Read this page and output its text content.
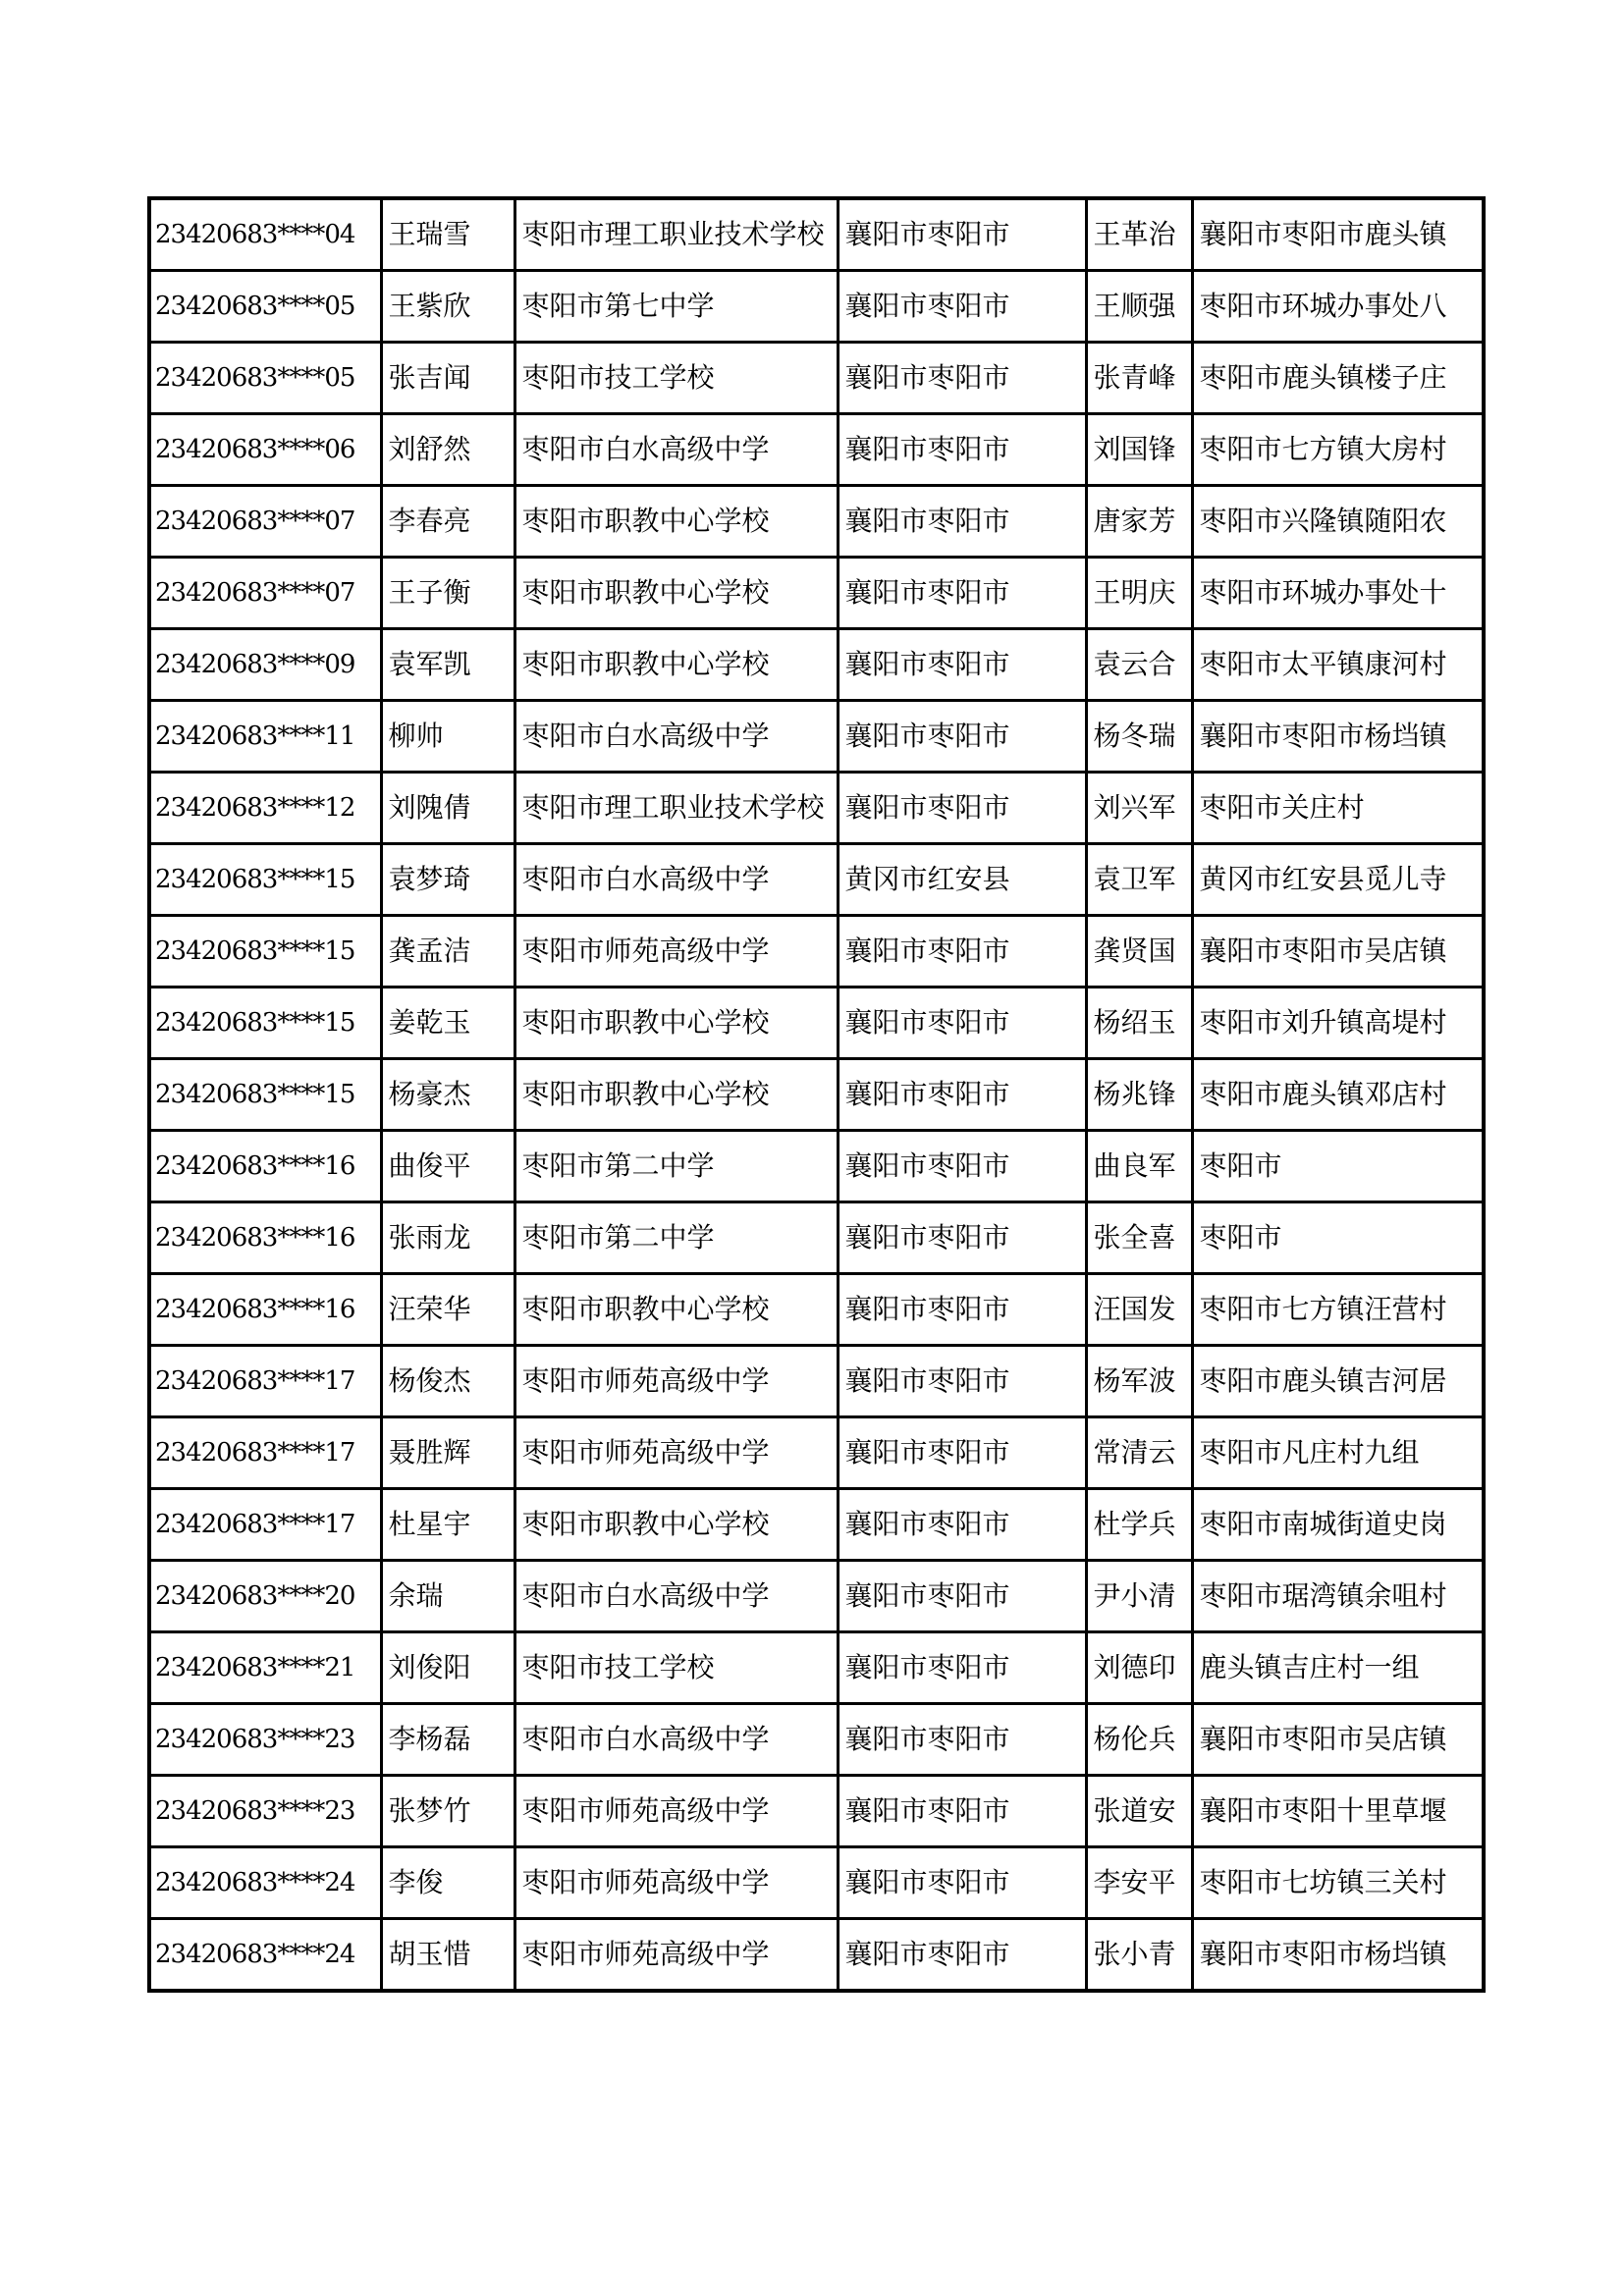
23420683****04	王瑞雪	枣阳市理工职业技术学校	襄阳市枣阳市	王革治	襄阳市枣阳市鹿头镇
23420683****05	王紫欣	枣阳市第七中学	襄阳市枣阳市	王顺强	枣阳市环城办事处八
23420683****05	张吉闻	枣阳市技工学校	襄阳市枣阳市	张青峰	枣阳市鹿头镇楼子庄
23420683****06	刘舒然	枣阳市白水高级中学	襄阳市枣阳市	刘国锋	枣阳市七方镇大房村
23420683****07	李春亮	枣阳市职教中心学校	襄阳市枣阳市	唐家芳	枣阳市兴隆镇随阳农
23420683****07	王子衡	枣阳市职教中心学校	襄阳市枣阳市	王明庆	枣阳市环城办事处十
23420683****09	袁军凯	枣阳市职教中心学校	襄阳市枣阳市	袁云合	枣阳市太平镇康河村
23420683****11	柳帅	枣阳市白水高级中学	襄阳市枣阳市	杨冬瑞	襄阳市枣阳市杨垱镇
23420683****12	刘隗倩	枣阳市理工职业技术学校	襄阳市枣阳市	刘兴军	枣阳市关庄村
23420683****15	袁梦琦	枣阳市白水高级中学	黄冈市红安县	袁卫军	黄冈市红安县觅儿寺
23420683****15	龚孟洁	枣阳市师苑高级中学	襄阳市枣阳市	龚贤国	襄阳市枣阳市吴店镇
23420683****15	姜乾玉	枣阳市职教中心学校	襄阳市枣阳市	杨绍玉	枣阳市刘升镇高堤村
23420683****15	杨豪杰	枣阳市职教中心学校	襄阳市枣阳市	杨兆锋	枣阳市鹿头镇邓店村
23420683****16	曲俊平	枣阳市第二中学	襄阳市枣阳市	曲良军	枣阳市
23420683****16	张雨龙	枣阳市第二中学	襄阳市枣阳市	张全喜	枣阳市
23420683****16	汪荣华	枣阳市职教中心学校	襄阳市枣阳市	汪国发	枣阳市七方镇汪营村
23420683****17	杨俊杰	枣阳市师苑高级中学	襄阳市枣阳市	杨军波	枣阳市鹿头镇吉河居
23420683****17	聂胜辉	枣阳市师苑高级中学	襄阳市枣阳市	常清云	枣阳市凡庄村九组
23420683****17	杜星宇	枣阳市职教中心学校	襄阳市枣阳市	杜学兵	枣阳市南城街道史岗
23420683****20	余瑞	枣阳市白水高级中学	襄阳市枣阳市	尹小清	枣阳市琚湾镇余咀村
23420683****21	刘俊阳	枣阳市技工学校	襄阳市枣阳市	刘德印	鹿头镇吉庄村一组
23420683****23	李杨磊	枣阳市白水高级中学	襄阳市枣阳市	杨伦兵	襄阳市枣阳市吴店镇
23420683****23	张梦竹	枣阳市师苑高级中学	襄阳市枣阳市	张道安	襄阳市枣阳十里草堰
23420683****24	李俊	枣阳市师苑高级中学	襄阳市枣阳市	李安平	枣阳市七坊镇三关村
23420683****24	胡玉惜	枣阳市师苑高级中学	襄阳市枣阳市	张小青	襄阳市枣阳市杨垱镇
